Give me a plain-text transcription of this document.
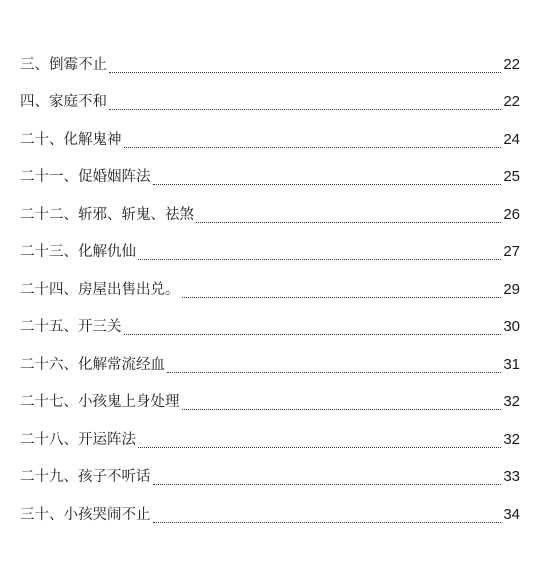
三、倒霉不止	22
四、家庭不和	22
二十、化解鬼神	24
二十一、促婚姻阵法	25
二十二、斩邪、斩鬼、祛煞	26
二十三、化解仇仙	27
二十四、房屋出售出兑。	29
二十五、开三关	30
二十六、化解常流经血	31
二十七、小孩鬼上身处理	32
二十八、开运阵法	32
二十九、孩子不听话	33
三十、小孩哭闹不止	34
